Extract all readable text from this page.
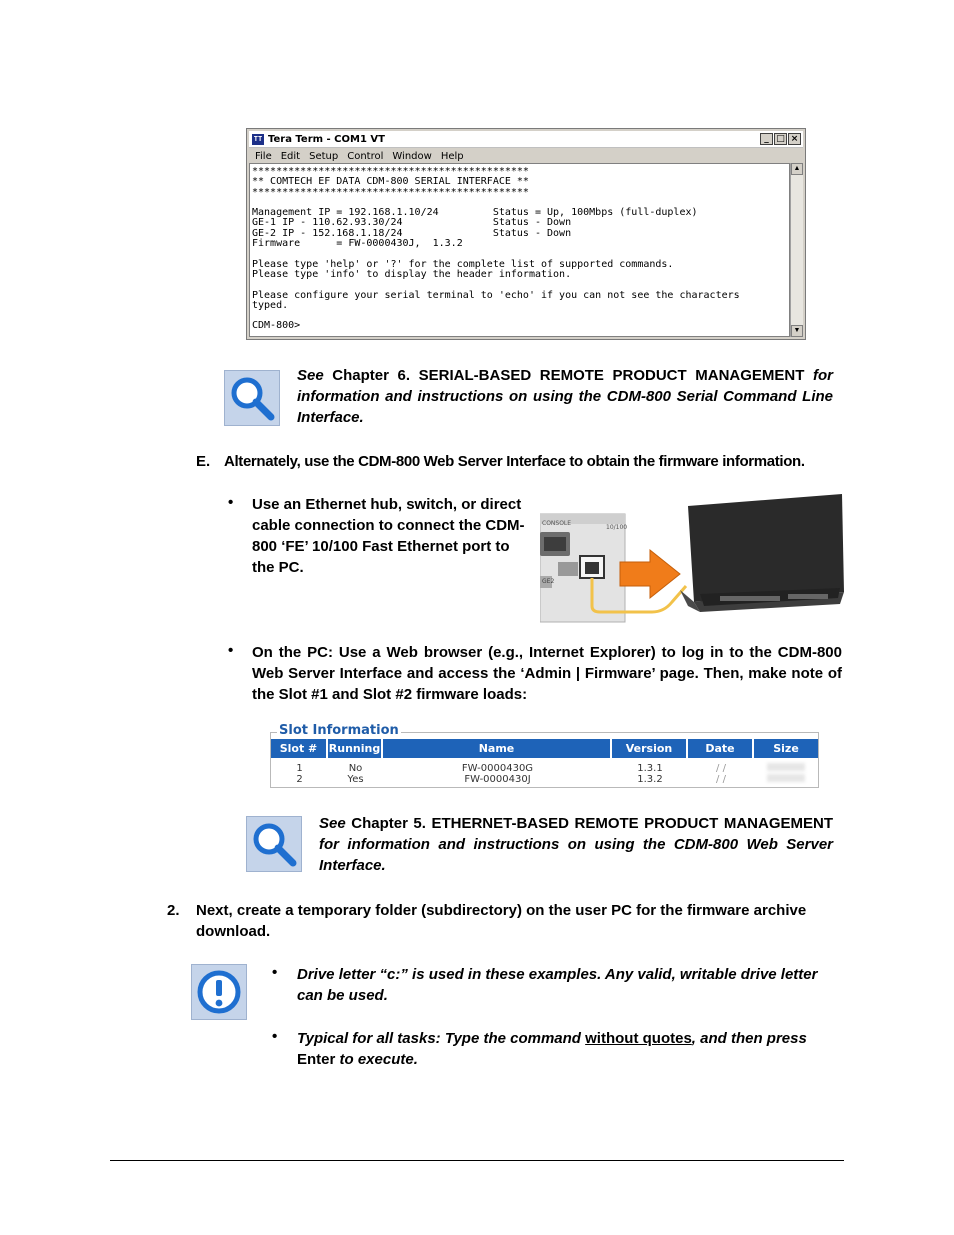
TT Tera Term - COM1 VT	_ □ ×
File Edit Setup Control Window Help
**********************************************
** COMTECH EF DATA CDM-800 SERIAL INTERFACE **
**********************************************

Management IP = 192.168.1.10/24         Status = Up, 100Mbps (full-duplex)
GE-1 IP - 110.62.93.30/24               Status - Down
GE-2 IP - 152.168.1.18/24               Status - Down
Firmware      = FW-0000430J,  1.3.2

Please type 'help' or '?' for the complete list of supported commands.
Please type 'info' to display the header information.

Please configure your serial terminal to 'echo' if you can not see the characters
typed.

CDM-800>
▲
▼
See Chapter 6. SERIAL-BASED REMOTE PRODUCT MANAGEMENT for information and instructions on using the CDM-800 Serial Command Line Interface.
E. Alternately, use the CDM-800 Web Server Interface to obtain the firmware information.
• Use an Ethernet hub, switch, or direct cable connection to connect the CDM-800 ‘FE’ 10/100 Fast Ethernet port to the PC.
CONSOLE
10/100
GE2
• On the PC: Use a Web browser (e.g., Internet Explorer) to log in to the CDM-800 Web Server Interface and access the ‘Admin | Firmware’ page. Then, make note of the Slot #1 and Slot #2 firmware loads:
Slot Information
Slot #	Running	Name	Version	Date	Size
1	No	FW-0000430G	1.3.1	/ /
2	Yes	FW-0000430J	1.3.2	/ /
See Chapter 5. ETHERNET-BASED REMOTE PRODUCT MANAGEMENT for information and instructions on using the CDM-800 Web Server Interface.
2. Next, create a temporary folder (subdirectory) on the user PC for the firmware archive download.
• Drive letter “c:” is used in these examples. Any valid, writable drive letter can be used.
• Typical for all tasks: Type the command without quotes, and then press Enter to execute.
